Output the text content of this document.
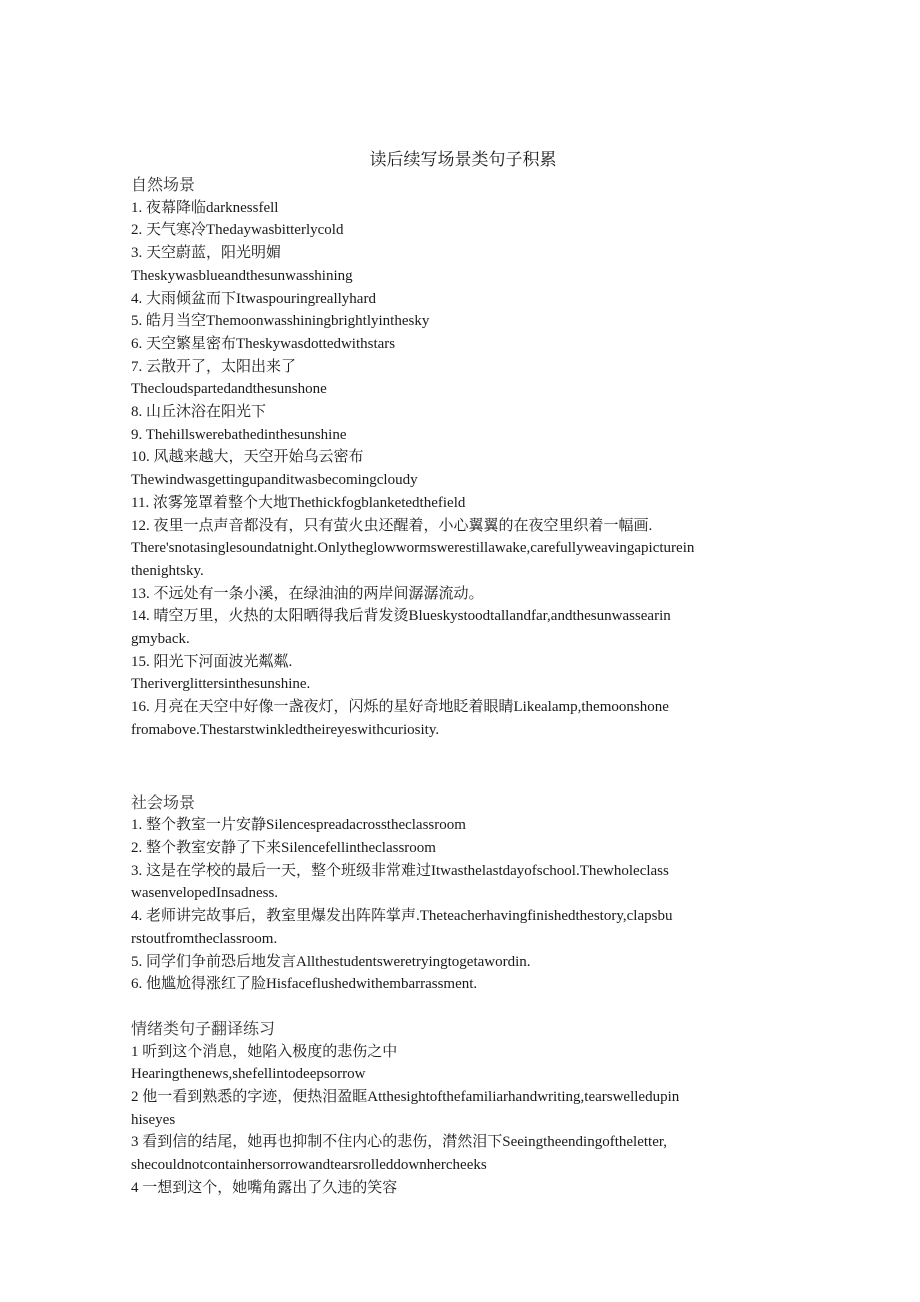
读后续写场景类句子积累
自然场景
1. 夜幕降临darknessfell
2. 天气寒冷Thedaywasbitterlycold
3. 天空蔚蓝，阳光明媚
Theskywasblueandthesunwasshining
4. 大雨倾盆而下Itwaspouringreallyhard
5. 皓月当空Themoonwasshiningbrightlyinthesky
6. 天空繁星密布Theskywasdottedwithstars
7. 云散开了，太阳出来了
Thecloudspartedandthesunshone
8. 山丘沐浴在阳光下
9. Thehillswerebathedinthesunshine
10. 风越来越大，天空开始乌云密布
Thewindwasgettingupanditwasbecomingcloudy
11. 浓雾笼罩着整个大地Thethickfogblanketedthefield
12. 夜里一点声音都没有，只有萤火虫还醒着，小心翼翼的在夜空里织着一幅画.
There'snotasinglesoundatnight.Onlytheglowwormswerestillawake,carefullyweavingapicturein
thenightsky.
13. 不远处有一条小溪，在绿油油的两岸间潺潺流动。
14. 晴空万里，火热的太阳晒得我后背发烫Blueskystoodtallandfar,andthesunwassearin
gmyback.
15. 阳光下河面波光粼粼.
Theriverglittersinthesunshine.
16. 月亮在天空中好像一盏夜灯，闪烁的星好奇地眨着眼睛Likealamp,themoonshone
fromabove.Thestarstwinkledtheireyeswithcuriosity.
社会场景
1. 整个教室一片安静Silencespreadacrosstheclassroom
2. 整个教室安静了下来Silencefellintheclassroom
3. 这是在学校的最后一天，整个班级非常难过Itwasthelastdayofschool.Thewholeclass
wasenvelopedInsadness.
4. 老师讲完故事后，教室里爆发出阵阵掌声.Theteacherhavingfinishedthestory,clapsbu
rstoutfromtheclassroom.
5. 同学们争前恐后地发言Allthestudentsweretryingtogetawordin.
6. 他尴尬得涨红了脸Hisfaceflushedwithembarrassment.
情绪类句子翻译练习
1 听到这个消息，她陷入极度的悲伤之中
Hearingthenews,shefellintodeepsorrow
2 他一看到熟悉的字迹，便热泪盈眶Atthesightofthefamiliarhandwriting,tearswelledupin
hiseyes
3 看到信的结尾，她再也抑制不住内心的悲伤，潸然泪下Seeingtheendingoftheletter,
shecouldnotcontainhersorrowandtearsrolleddownhercheeks
4 一想到这个，她嘴角露出了久违的笑容
